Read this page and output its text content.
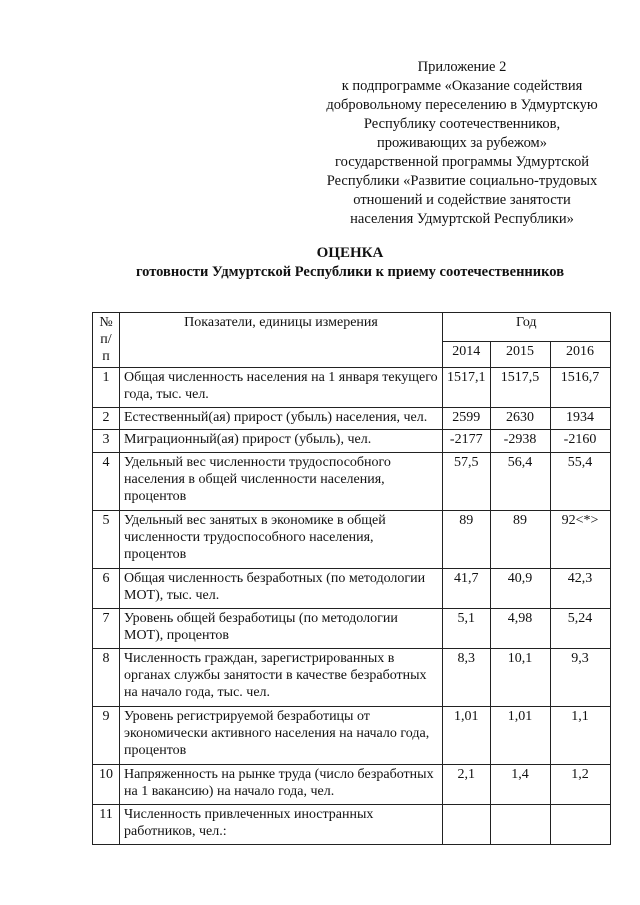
Приложение 2
к подпрограмме «Оказание содействия
добровольному переселению в Удмуртскую
Республику соотечественников,
проживающих за рубежом»
государственной программы Удмуртской
Республики «Развитие социально-трудовых
отношений и содействие занятости
населения Удмуртской Республики»
ОЦЕНКА
готовности Удмуртской Республики к приему соотечественников
№ п/п	Показатели, единицы измерения	Год		
		2014	2015	2016
1	Общая численность населения на 1 января текущего года, тыс. чел.	1517,1	1517,5	1516,7
2	Естественный(ая) прирост (убыль) населения, чел.	2599	2630	1934
3	Миграционный(ая) прирост (убыль), чел.	-2177	-2938	-2160
4	Удельный вес численности трудоспособного населения в общей численности населения, процентов	57,5	56,4	55,4
5	Удельный вес занятых в экономике в общей численности трудоспособного населения, процентов	89	89	92<*>
6	Общая численность безработных (по методологии МОТ), тыс. чел.	41,7	40,9	42,3
7	Уровень общей безработицы (по методологии МОТ), процентов	5,1	4,98	5,24
8	Численность граждан, зарегистрированных в органах службы занятости в качестве безработных на начало года, тыс. чел.	8,3	10,1	9,3
9	Уровень регистрируемой безработицы от экономически активного населения на начало года, процентов	1,01	1,01	1,1
10	Напряженность на рынке труда (число безработных на 1 вакансию) на начало года, чел.	2,1	1,4	1,2
11	Численность привлеченных иностранных работников, чел.:			
